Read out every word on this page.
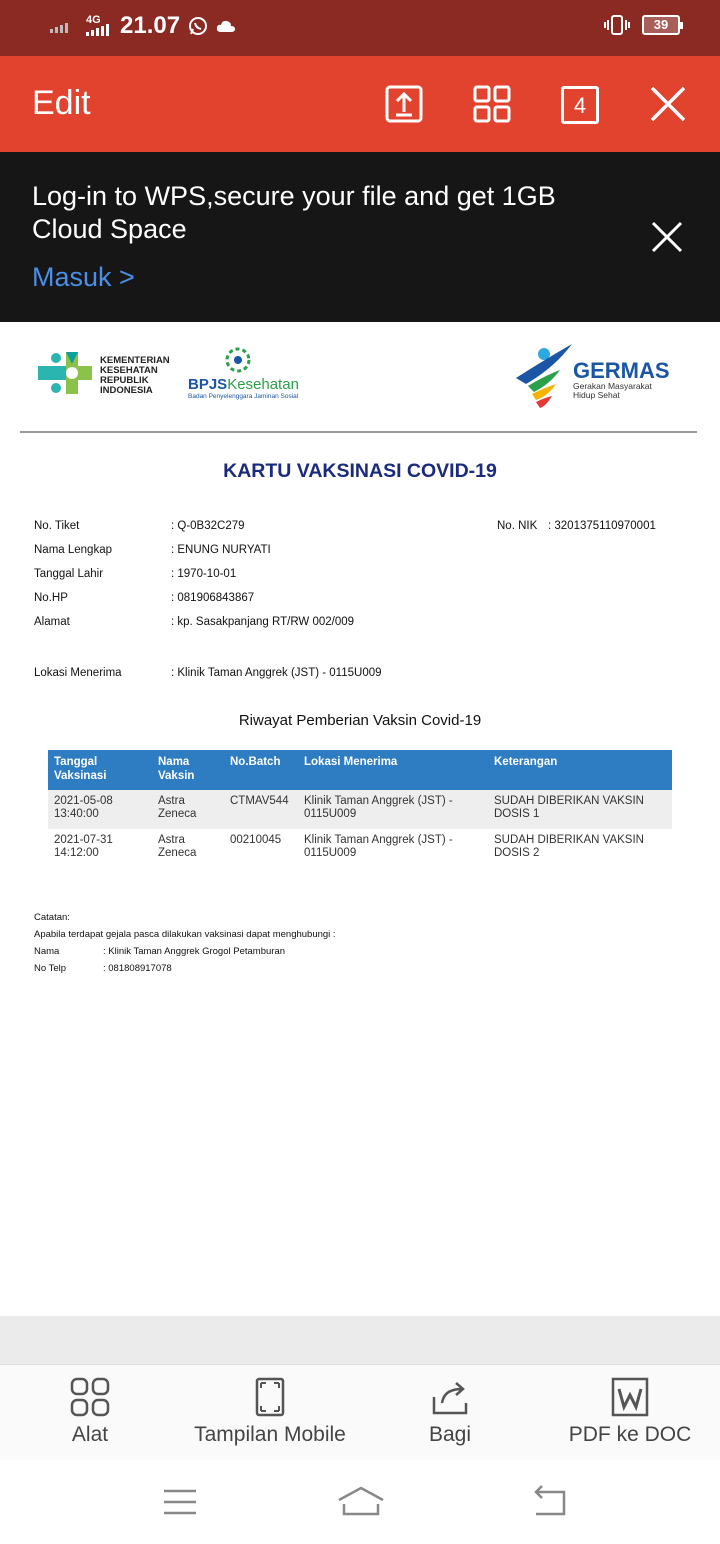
4G 21.07	39
Edit	4
Log-in to WPS,secure your file and get 1GB Cloud Space
Masuk >
KEMENTERIAN
KESEHATAN
REPUBLIK
INDONESIA	BPJSKesehatan
Badan Penyelenggara Jaminan Sosial
GERMAS
Gerakan Masyarakat
Hidup Sehat
KARTU VAKSINASI COVID-19
No. Tiket	: Q-0B32C279	No. NIK : 3201375110970001
Nama Lengkap	: ENUNG NURYATI
Tanggal Lahir	: 1970-10-01
No.HP	: 081906843867
Alamat	: kp. Sasakpanjang RT/RW 002/009
Lokasi Menerima	: Klinik Taman Anggrek (JST) - 0115U009
Riwayat Pemberian Vaksin Covid-19
Tanggal Vaksinasi	Nama Vaksin	No.Batch	Lokasi Menerima	Keterangan
2021-05-08 13:40:00	Astra Zeneca	CTMAV544	Klinik Taman Anggrek (JST) - 0115U009	SUDAH DIBERIKAN VAKSIN DOSIS 1
2021-07-31 14:12:00	Astra Zeneca	00210045	Klinik Taman Anggrek (JST) - 0115U009	SUDAH DIBERIKAN VAKSIN DOSIS 2
Catatan:
Apabila terdapat gejala pasca dilakukan vaksinasi dapat menghubungi :
Nama	: Klinik Taman Anggrek Grogol Petamburan
No Telp	: 081808917078
Alat	Tampilan Mobile	Bagi	PDF ke DOC
